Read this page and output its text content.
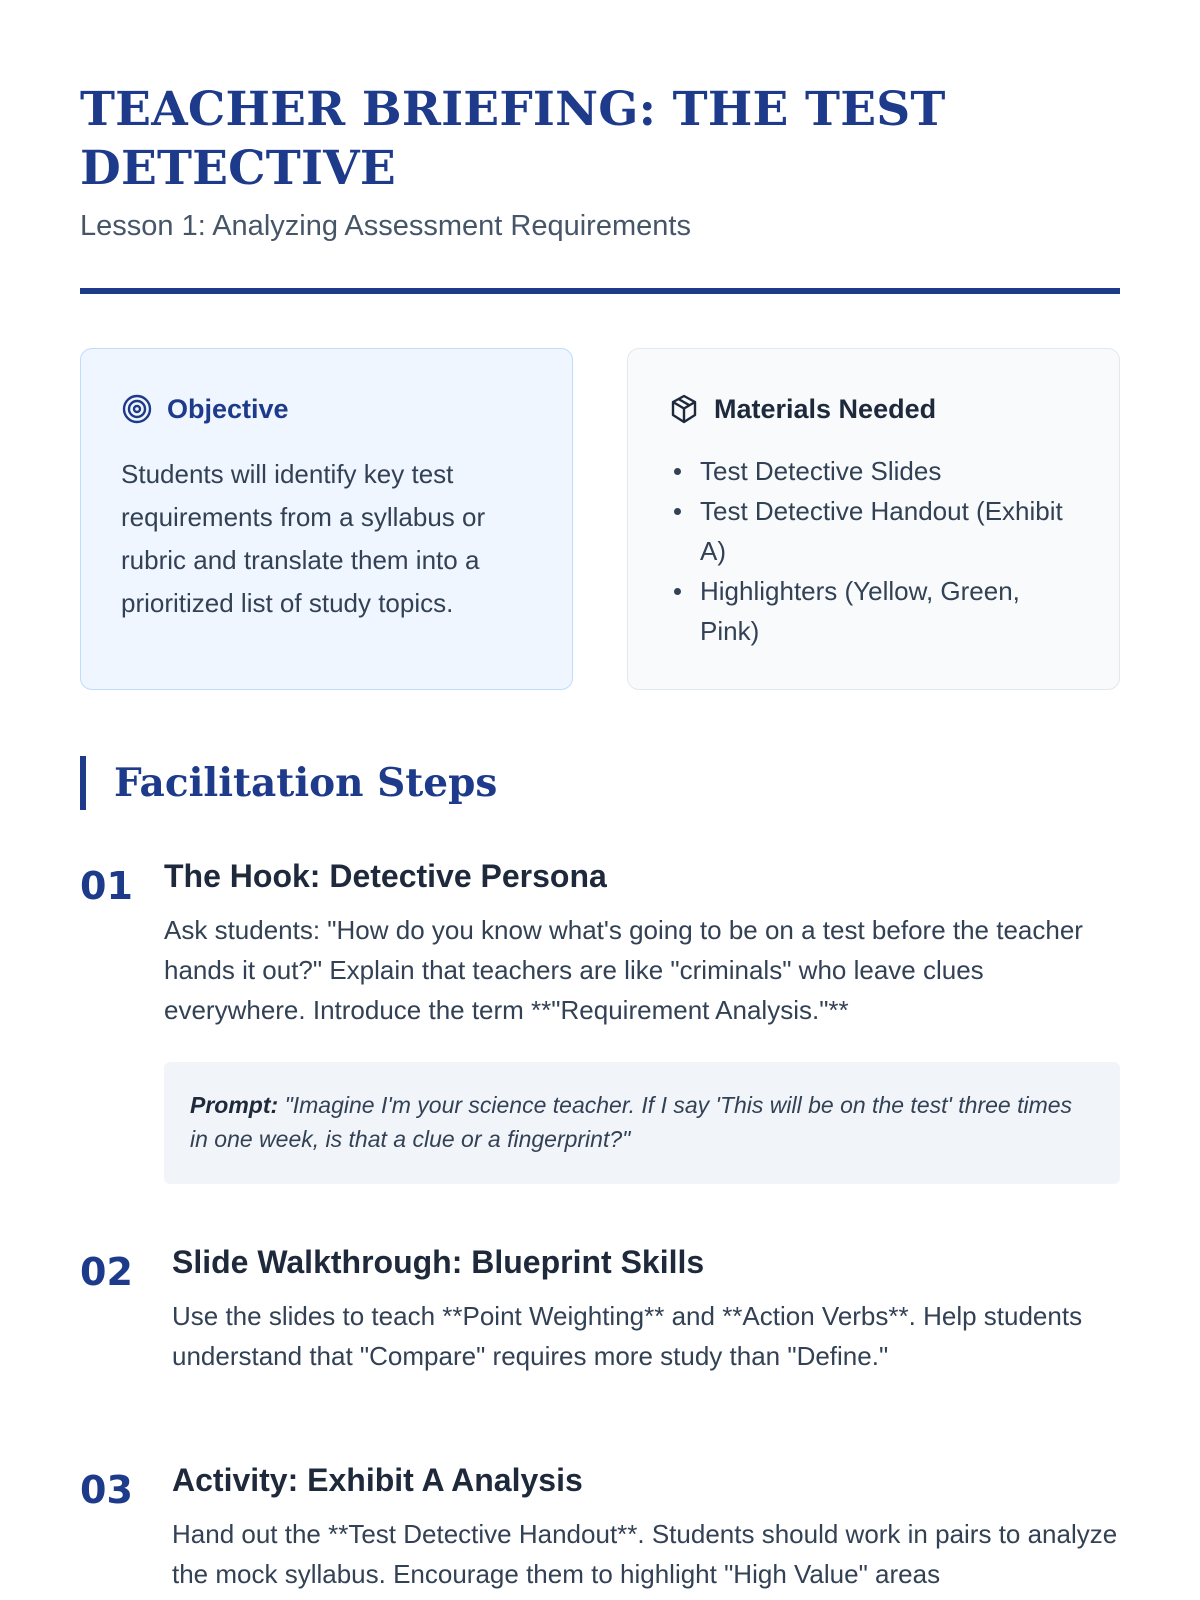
TEACHER BRIEFING: THE TEST DETECTIVE
Lesson 1: Analyzing Assessment Requirements
Objective

Students will identify key test requirements from a syllabus or rubric and translate them into a prioritized list of study topics.

Materials Needed
Test Detective Slides
Test Detective Handout (Exhibit A)
Highlighters (Yellow, Green, Pink)
Facilitation Steps
01 The Hook: Detective Persona

Ask students: "How do you know what's going to be on a test before the teacher hands it out?" Explain that teachers are like "criminals" who leave clues everywhere. Introduce the term **"Requirement Analysis."**

Prompt: "Imagine I'm your science teacher. If I say 'This will be on the test' three times in one week, is that a clue or a fingerprint?"
02	Slide Walkthrough: Blueprint Skills

Use the slides to teach **Point Weighting** and **Action Verbs**. Help students understand that "Compare" requires more study than "Define."

03	Activity: Exhibit A Analysis

Hand out the **Test Detective Handout**. Students should work in pairs to analyze the mock syllabus. Encourage them to highlight "High Value" areas
